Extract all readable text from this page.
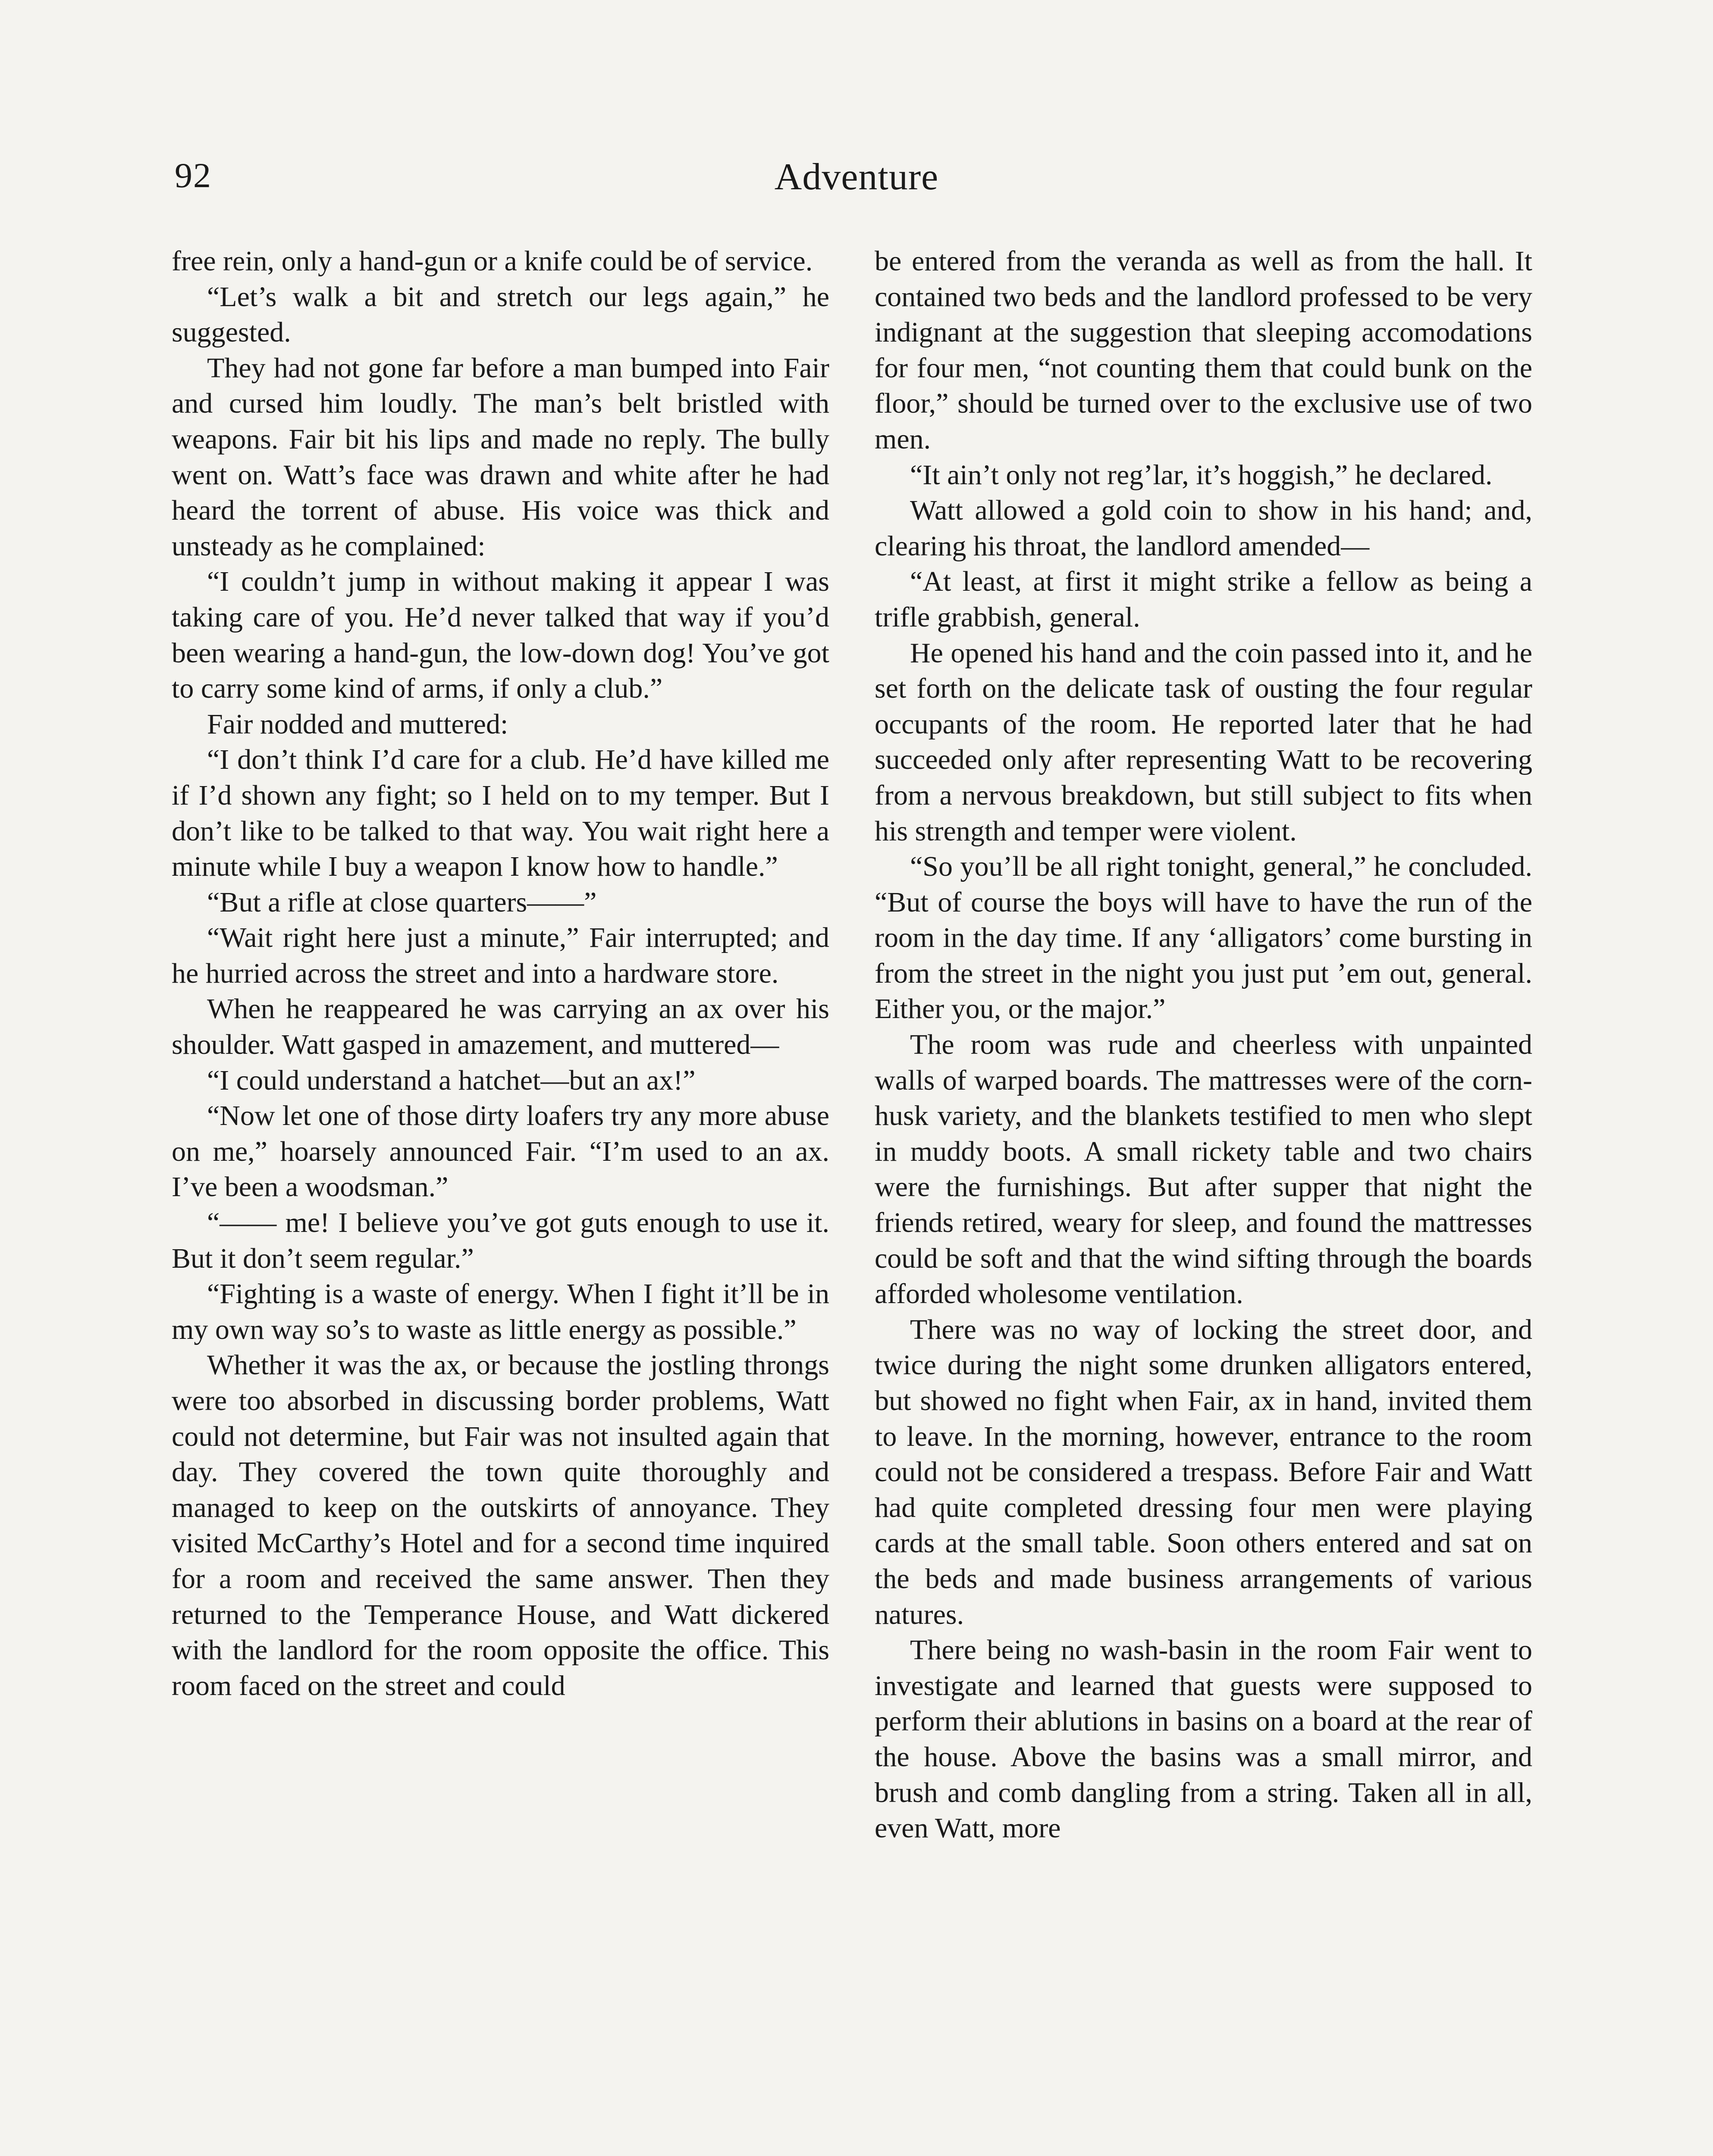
92	Adventure

free rein, only a hand-gun or a knife could be of service.

“Let’s walk a bit and stretch our legs again,” he suggested.

They had not gone far before a man bumped into Fair and cursed him loudly. The man’s belt bristled with weapons. Fair bit his lips and made no reply. The bully went on. Watt’s face was drawn and white after he had heard the torrent of abuse. His voice was thick and unsteady as he complained:

“I couldn’t jump in without making it appear I was taking care of you. He’d never talked that way if you’d been wearing a hand-gun, the low-down dog! You’ve got to carry some kind of arms, if only a club.”

Fair nodded and muttered:

“I don’t think I’d care for a club. He’d have killed me if I’d shown any fight; so I held on to my temper. But I don’t like to be talked to that way. You wait right here a minute while I buy a weapon I know how to handle.”

“But a rifle at close quarters——”

“Wait right here just a minute,” Fair interrupted; and he hurried across the street and into a hardware store.

When he reappeared he was carrying an ax over his shoulder. Watt gasped in amazement, and muttered—

“I could understand a hatchet—but an ax!”

“Now let one of those dirty loafers try any more abuse on me,” hoarsely announced Fair. “I’m used to an ax. I’ve been a woodsman.”

“—— me! I believe you’ve got guts enough to use it. But it don’t seem regular.”

“Fighting is a waste of energy. When I fight it’ll be in my own way so’s to waste as little energy as possible.”

Whether it was the ax, or because the jostling throngs were too absorbed in discussing border problems, Watt could not determine, but Fair was not insulted again that day. They covered the town quite thoroughly and managed to keep on the outskirts of annoyance. They visited McCarthy’s Hotel and for a second time inquired for a room and received the same answer. Then they returned to the Temperance House, and Watt dickered with the landlord for the room opposite the office. This room faced on the street and could

be entered from the veranda as well as from the hall. It contained two beds and the landlord professed to be very indignant at the suggestion that sleeping accomodations for four men, “not counting them that could bunk on the floor,” should be turned over to the exclusive use of two men.

“It ain’t only not reg’lar, it’s hoggish,” he declared.

Watt allowed a gold coin to show in his hand; and, clearing his throat, the landlord amended—

“At least, at first it might strike a fellow as being a trifle grabbish, general.

He opened his hand and the coin passed into it, and he set forth on the delicate task of ousting the four regular occupants of the room. He reported later that he had succeeded only after representing Watt to be recovering from a nervous breakdown, but still subject to fits when his strength and temper were violent.

“So you’ll be all right tonight, general,” he concluded. “But of course the boys will have to have the run of the room in the day time. If any ‘alligators’ come bursting in from the street in the night you just put ’em out, general. Either you, or the major.”

The room was rude and cheerless with unpainted walls of warped boards. The mattresses were of the corn-husk variety, and the blankets testified to men who slept in muddy boots. A small rickety table and two chairs were the furnishings. But after supper that night the friends retired, weary for sleep, and found the mattresses could be soft and that the wind sifting through the boards afforded wholesome ventilation.

There was no way of locking the street door, and twice during the night some drunken alligators entered, but showed no fight when Fair, ax in hand, invited them to leave. In the morning, however, entrance to the room could not be considered a trespass. Before Fair and Watt had quite completed dressing four men were playing cards at the small table. Soon others entered and sat on the beds and made business arrangements of various natures.

There being no wash-basin in the room Fair went to investigate and learned that guests were supposed to perform their ablutions in basins on a board at the rear of the house. Above the basins was a small mirror, and brush and comb dangling from a string. Taken all in all, even Watt, more
